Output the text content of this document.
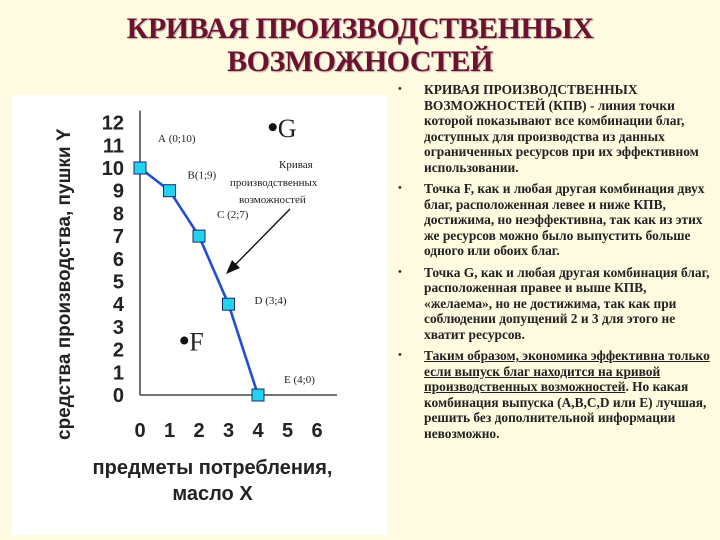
КРИВАЯ ПРОИЗВОДСТВЕННЫХ
ВОЗМОЖНОСТЕЙ
0
1
2
3
4
5
6
7
8
9
10
11
12
0 1 2 3 4 5 6
А (0;10)
B(1;9)
C (2;7)
D (3;4)
E (4;0)
G
F
Кривая
производственных
возможностей
средства производства, пушки Y
предметы потребления,
масло X
• КРИВАЯ ПРОИЗВОДСТВЕННЫХ ВОЗМОЖНОСТЕЙ (КПВ) - линия точки которой показывают все комбинации благ, доступных для производства из данных ограниченных ресурсов при их эффективном использовании.
• Точка F, как и любая другая комбинация двух благ, расположенная левее и ниже КПВ, достижима, но неэффективна, так как из этих же ресурсов можно было выпустить больше одного или обоих благ.
• Точка G, как и любая другая комбинация благ, расположенная правее и выше КПВ, «желаема», но не достижима, так как при соблюдении допущений 2 и 3 для этого не хватит ресурсов.
• Таким образом, экономика эффективна только если выпуск благ находится на кривой производственных возможностей. Но какая комбинация выпуска (A,B,C,D или E) лучшая, решить без дополнительной информации невозможно.
